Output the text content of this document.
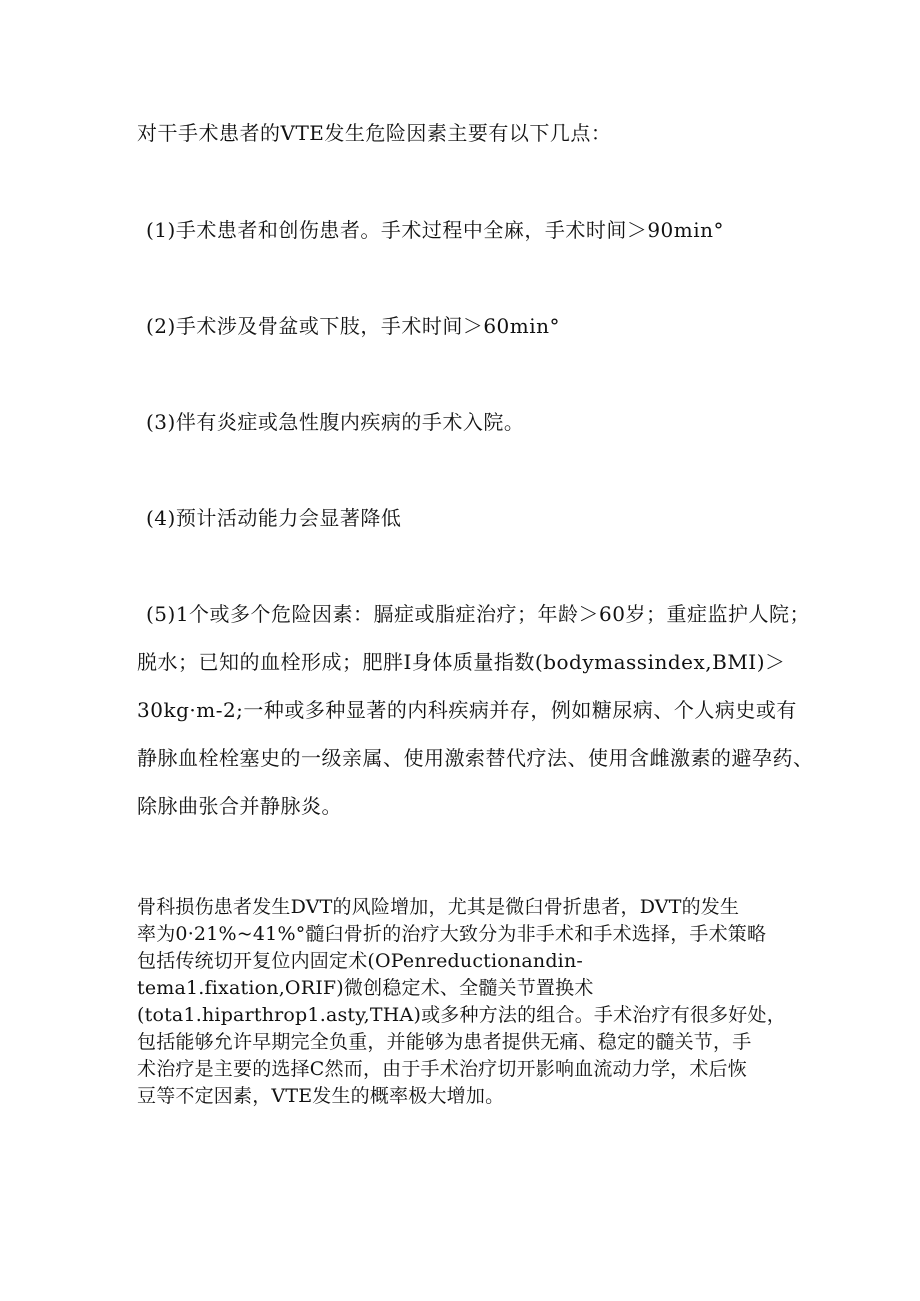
对干手术患者的VTE发生危险因素主要有以下几点：
(1)手术患者和创伤患者。手术过程中全麻，手术时间＞90min°
(2)手术涉及骨盆或下肢，手术时间＞60min°
(3)伴有炎症或急性腹内疾病的手术入院。
(4)预计活动能力会显著降低
(5)1个或多个危险因素：膈症或脂症治疗；年龄＞60岁；重症监护人院；
脱水；已知的血栓形成；肥胖I身体质量指数(bodymassindex,BMI)＞
30kg·m-2;一种或多种显著的内科疾病并存，例如糖尿病、个人病史或有
静脉血栓栓塞史的一级亲属、使用激索替代疗法、使用含雌激素的避孕药、
除脉曲张合并静脉炎。
骨科损伤患者发生DVT的风险增加，尤其是微臼骨折患者，DVT的发生
率为0·21%~41%°髓臼骨折的治疗大致分为非手术和手术选择，手术策略
包括传统切开复位内固定术(OPenreductionandin-
tema1.fixation,ORIF)微创稳定术、全髓关节置换术
(tota1.hiparthrop1.asty,THA)或多种方法的组合。手术治疗有很多好处，
包括能够允许早期完全负重，并能够为患者提供无痛、稳定的髓关节，手
术治疗是主要的选择C然而，由于手术治疗切开影响血流动力学，术后恢
豆等不定因素，VTE发生的概率极大增加。
